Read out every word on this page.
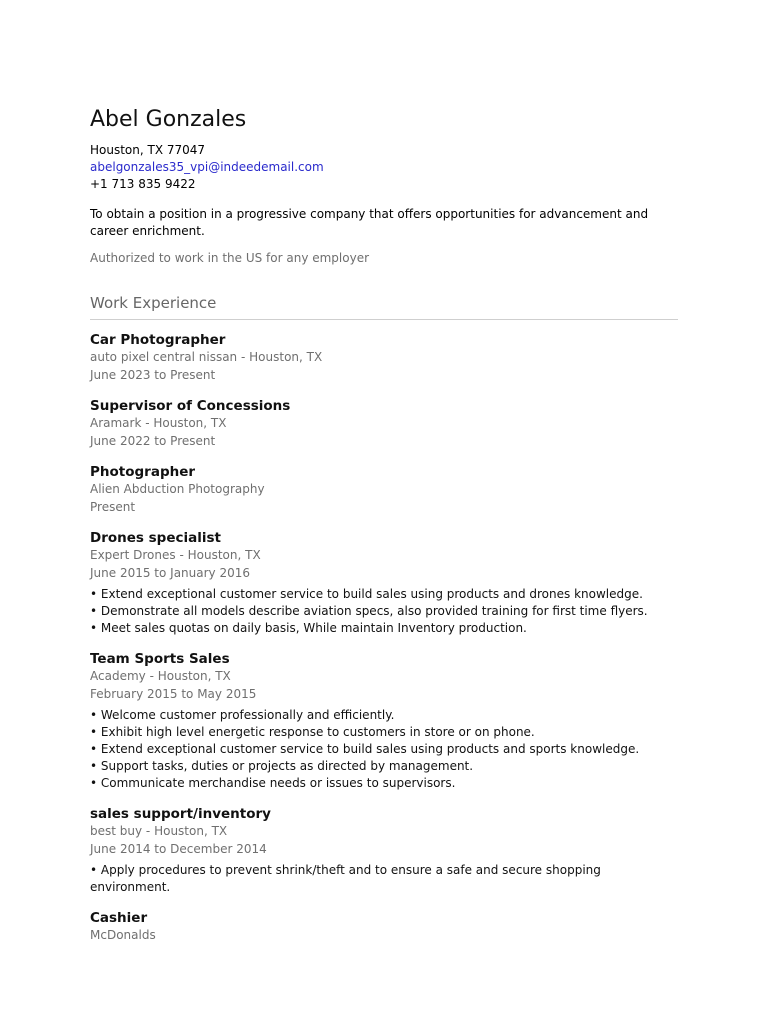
Abel Gonzales
Houston, TX 77047
abelgonzales35_vpi@indeedemail.com
+1 713 835 9422
To obtain a position in a progressive company that offers opportunities for advancement and career enrichment.
Authorized to work in the US for any employer
Work Experience
Car Photographer
auto pixel central nissan - Houston, TX
June 2023 to Present
Supervisor of Concessions
Aramark - Houston, TX
June 2022 to Present
Photographer
Alien Abduction Photography
Present
Drones specialist
Expert Drones - Houston, TX
June 2015 to January 2016
• Extend exceptional customer service to build sales using products and drones knowledge.
• Demonstrate all models describe aviation specs, also provided training for first time flyers.
• Meet sales quotas on daily basis, While maintain Inventory production.
Team Sports Sales
Academy - Houston, TX
February 2015 to May 2015
• Welcome customer professionally and efficiently.
• Exhibit high level energetic response to customers in store or on phone.
• Extend exceptional customer service to build sales using products and sports knowledge.
• Support tasks, duties or projects as directed by management.
• Communicate merchandise needs or issues to supervisors.
sales support/inventory
best buy - Houston, TX
June 2014 to December 2014
• Apply procedures to prevent shrink/theft and to ensure a safe and secure shopping environment.
Cashier
McDonalds
